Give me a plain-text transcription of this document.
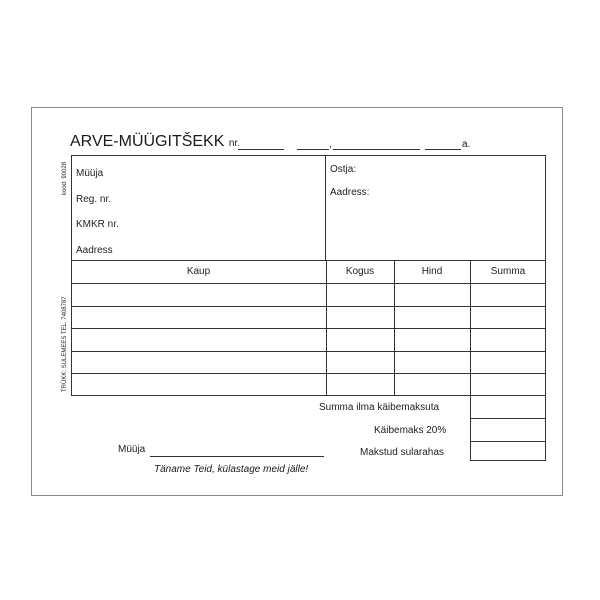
ARVE-MÜÜGITŠEKK nr.	,	a.
kood: 90028
TRÜKK: SULEMEES TEL. 7408787
Müüja
Reg. nr.
KMKR nr.
Aadress
Ostja:
Aadress:
Kaup	Kogus	Hind	Summa
Summa ilma käibemaksuta
Käibemaks 20%
Makstud sularahas
Müüja
Täname Teid, külastage meid jälle!
